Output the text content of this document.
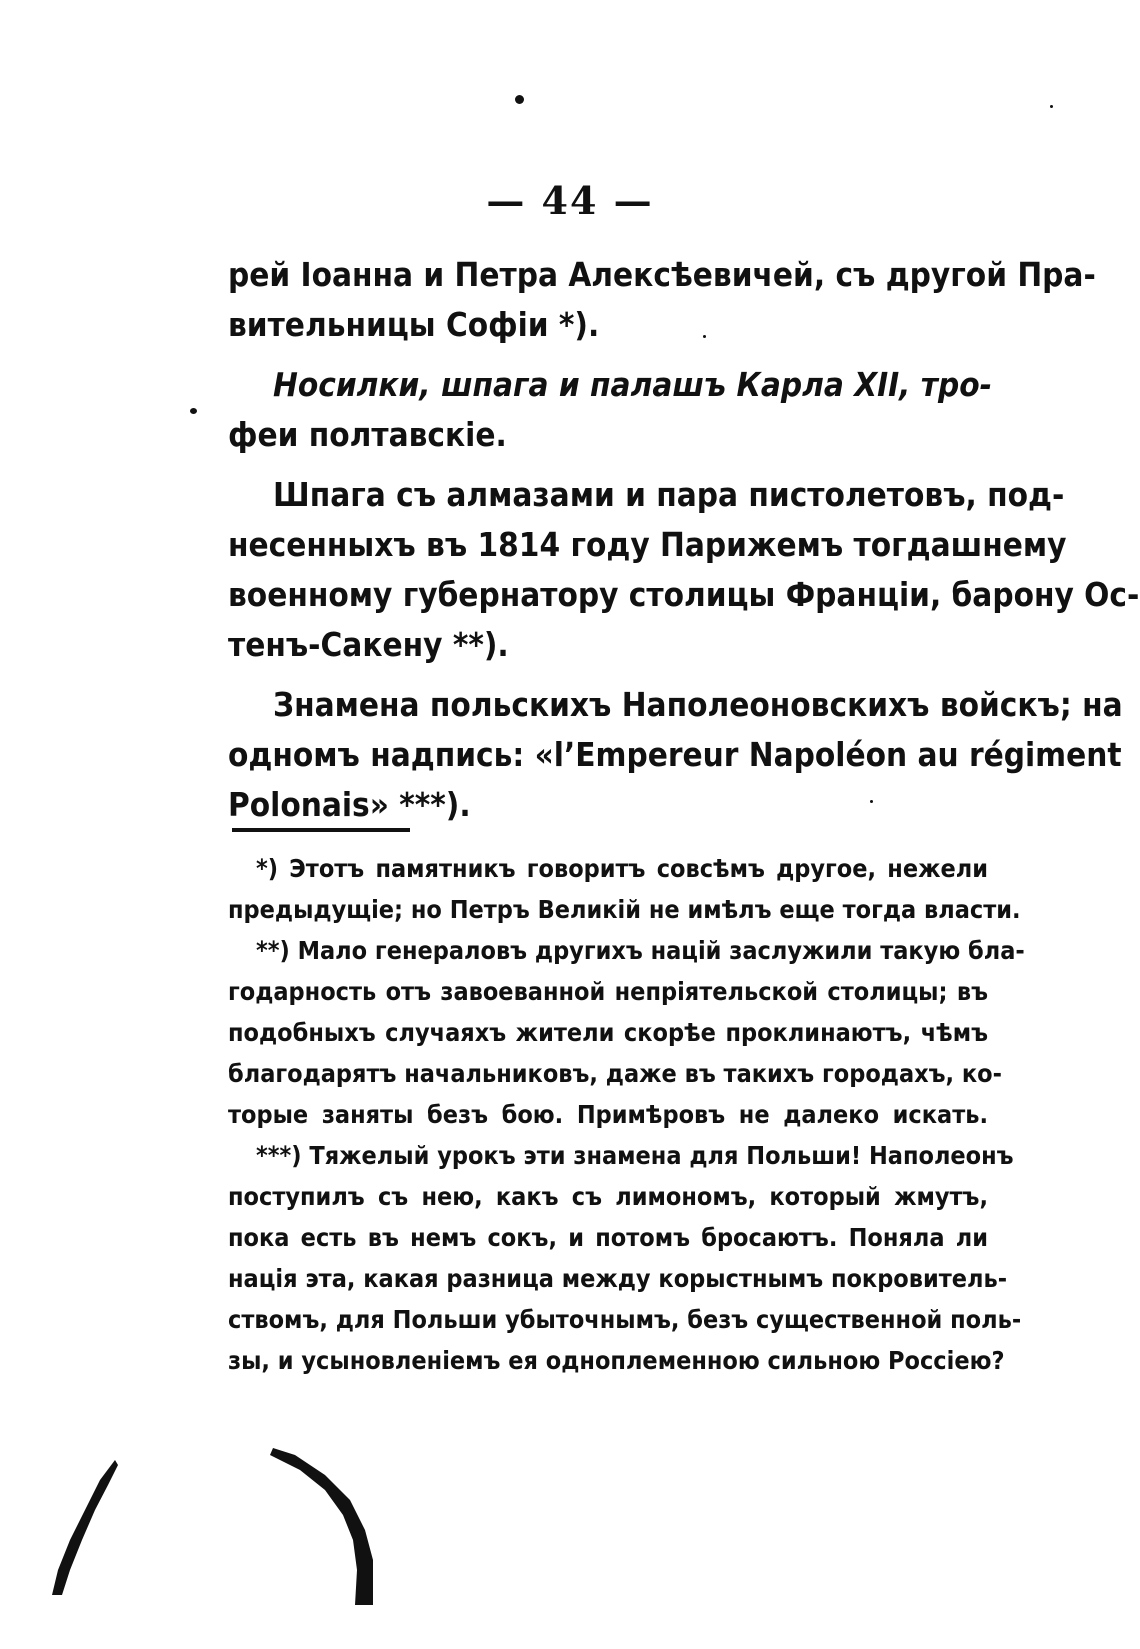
— 44 —
рей Іоанна и Петра Алексѣевичей, съ другой Пра-
вительницы Софіи *).
Носилки, шпага и палашъ Карла XII, тро-
феи полтавскіе.
Шпага съ алмазами и пара пистолетовъ, под-
несенныхъ въ 1814 году Парижемъ тогдашнему
военному губернатору столицы Франціи, барону Ос-
тенъ-Сакену **).
Знамена польскихъ Наполеоновскихъ войскъ; на
одномъ надпись: «l’Empereur Napoléon au régiment
Polonais» ***).
*) Этотъ памятникъ говоритъ совсѣмъ другое, нежели
предыдущіе; но Петръ Великій не имѣлъ еще тогда власти.
**) Мало генераловъ другихъ націй заслужили такую бла-
годарность отъ завоеванной непріятельской столицы; въ
подобныхъ случаяхъ жители скорѣе проклинаютъ, чѣмъ
благодарятъ начальниковъ, даже въ такихъ городахъ, ко-
торые заняты безъ бою. Примѣровъ не далеко искать.
***) Тяжелый урокъ эти знамена для Польши! Наполеонъ
поступилъ съ нею, какъ съ лимономъ, который жмутъ,
пока есть въ немъ сокъ, и потомъ бросаютъ. Поняла ли
нація эта, какая разница между корыстнымъ покровитель-
ствомъ, для Польши убыточнымъ, безъ существенной поль-
зы, и усыновленіемъ ея одноплеменною сильною Россіею?
